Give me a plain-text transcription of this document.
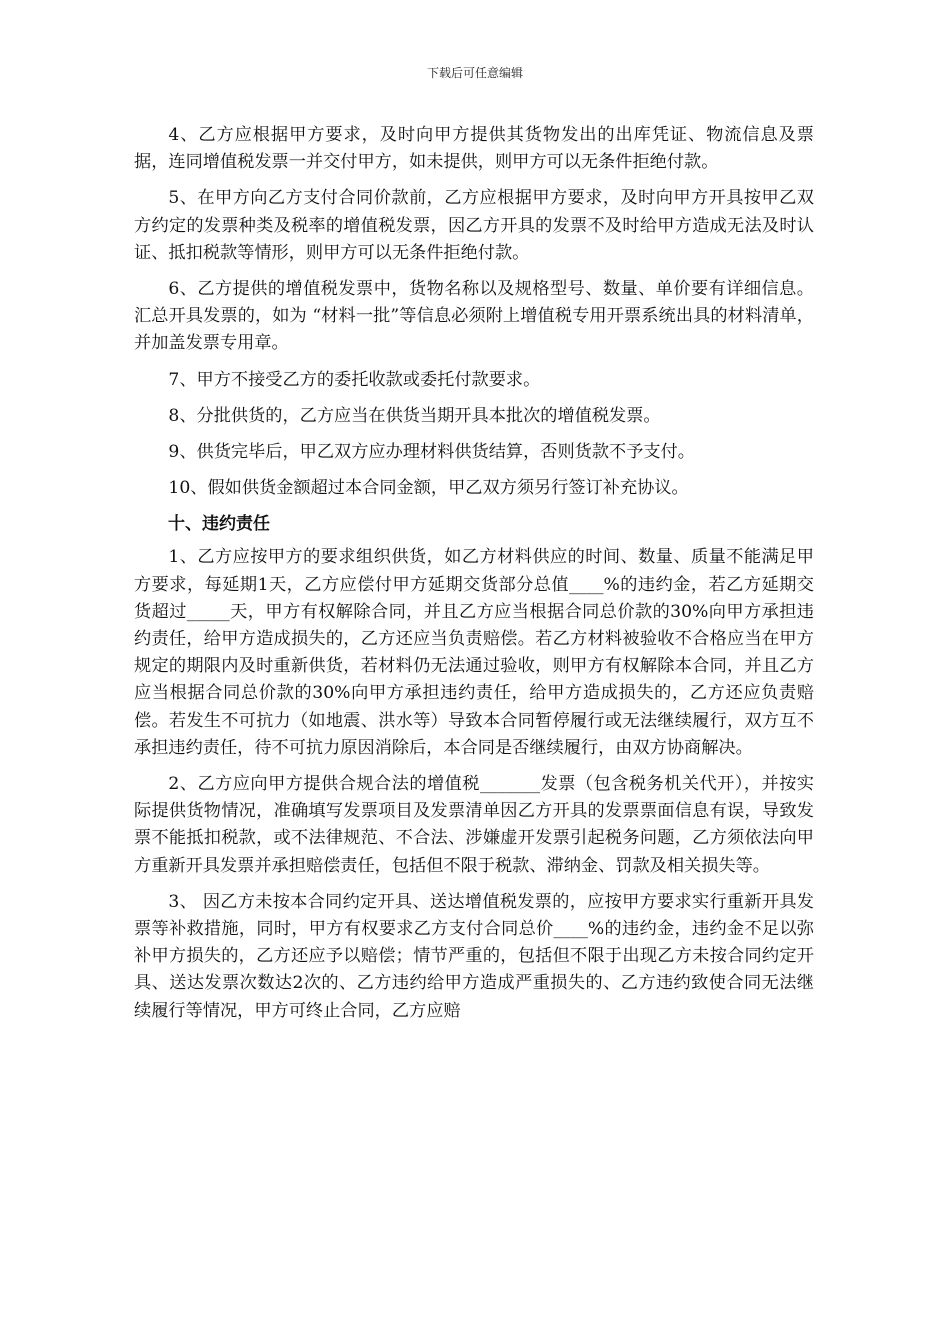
下载后可任意编辑

4、乙方应根据甲方要求，及时向甲方提供其货物发出的出库凭证、物流信息及票据，连同增值税发票一并交付甲方，如未提供，则甲方可以无条件拒绝付款。

5、在甲方向乙方支付合同价款前，乙方应根据甲方要求，及时向甲方开具按甲乙双方约定的发票种类及税率的增值税发票，因乙方开具的发票不及时给甲方造成无法及时认证、抵扣税款等情形，则甲方可以无条件拒绝付款。

6、乙方提供的增值税发票中，货物名称以及规格型号、数量、单价要有详细信息。汇总开具发票的，如为 “材料一批”等信息必须附上增值税专用开票系统出具的材料清单，并加盖发票专用章。

7、甲方不接受乙方的委托收款或委托付款要求。

8、分批供货的，乙方应当在供货当期开具本批次的增值税发票。

9、供货完毕后，甲乙双方应办理材料供货结算，否则货款不予支付。

10、假如供货金额超过本合同金额，甲乙双方须另行签订补充协议。

十、违约责任

1、乙方应按甲方的要求组织供货，如乙方材料供应的时间、数量、质量不能满足甲方要求，每延期1天，乙方应偿付甲方延期交货部分总值____%的违约金，若乙方延期交货超过_____天，甲方有权解除合同，并且乙方应当根据合同总价款的30%向甲方承担违约责任，给甲方造成损失的，乙方还应当负责赔偿。若乙方材料被验收不合格应当在甲方规定的期限内及时重新供货，若材料仍无法通过验收，则甲方有权解除本合同，并且乙方应当根据合同总价款的30%向甲方承担违约责任，给甲方造成损失的，乙方还应负责赔偿。若发生不可抗力（如地震、洪水等）导致本合同暂停履行或无法继续履行，双方互不承担违约责任，待不可抗力原因消除后，本合同是否继续履行，由双方协商解决。

2、乙方应向甲方提供合规合法的增值税_______发票（包含税务机关代开），并按实际提供货物情况，准确填写发票项目及发票清单因乙方开具的发票票面信息有误，导致发票不能抵扣税款，或不法律规范、不合法、涉嫌虚开发票引起税务问题，乙方须依法向甲方重新开具发票并承担赔偿责任，包括但不限于税款、滞纳金、罚款及相关损失等。

3、 因乙方未按本合同约定开具、送达增值税发票的，应按甲方要求实行重新开具发票等补救措施，同时，甲方有权要求乙方支付合同总价____%的违约金，违约金不足以弥补甲方损失的，乙方还应予以赔偿；情节严重的，包括但不限于出现乙方未按合同约定开具、送达发票次数达2次的、乙方违约给甲方造成严重损失的、乙方违约致使合同无法继续履行等情况，甲方可终止合同，乙方应赔
